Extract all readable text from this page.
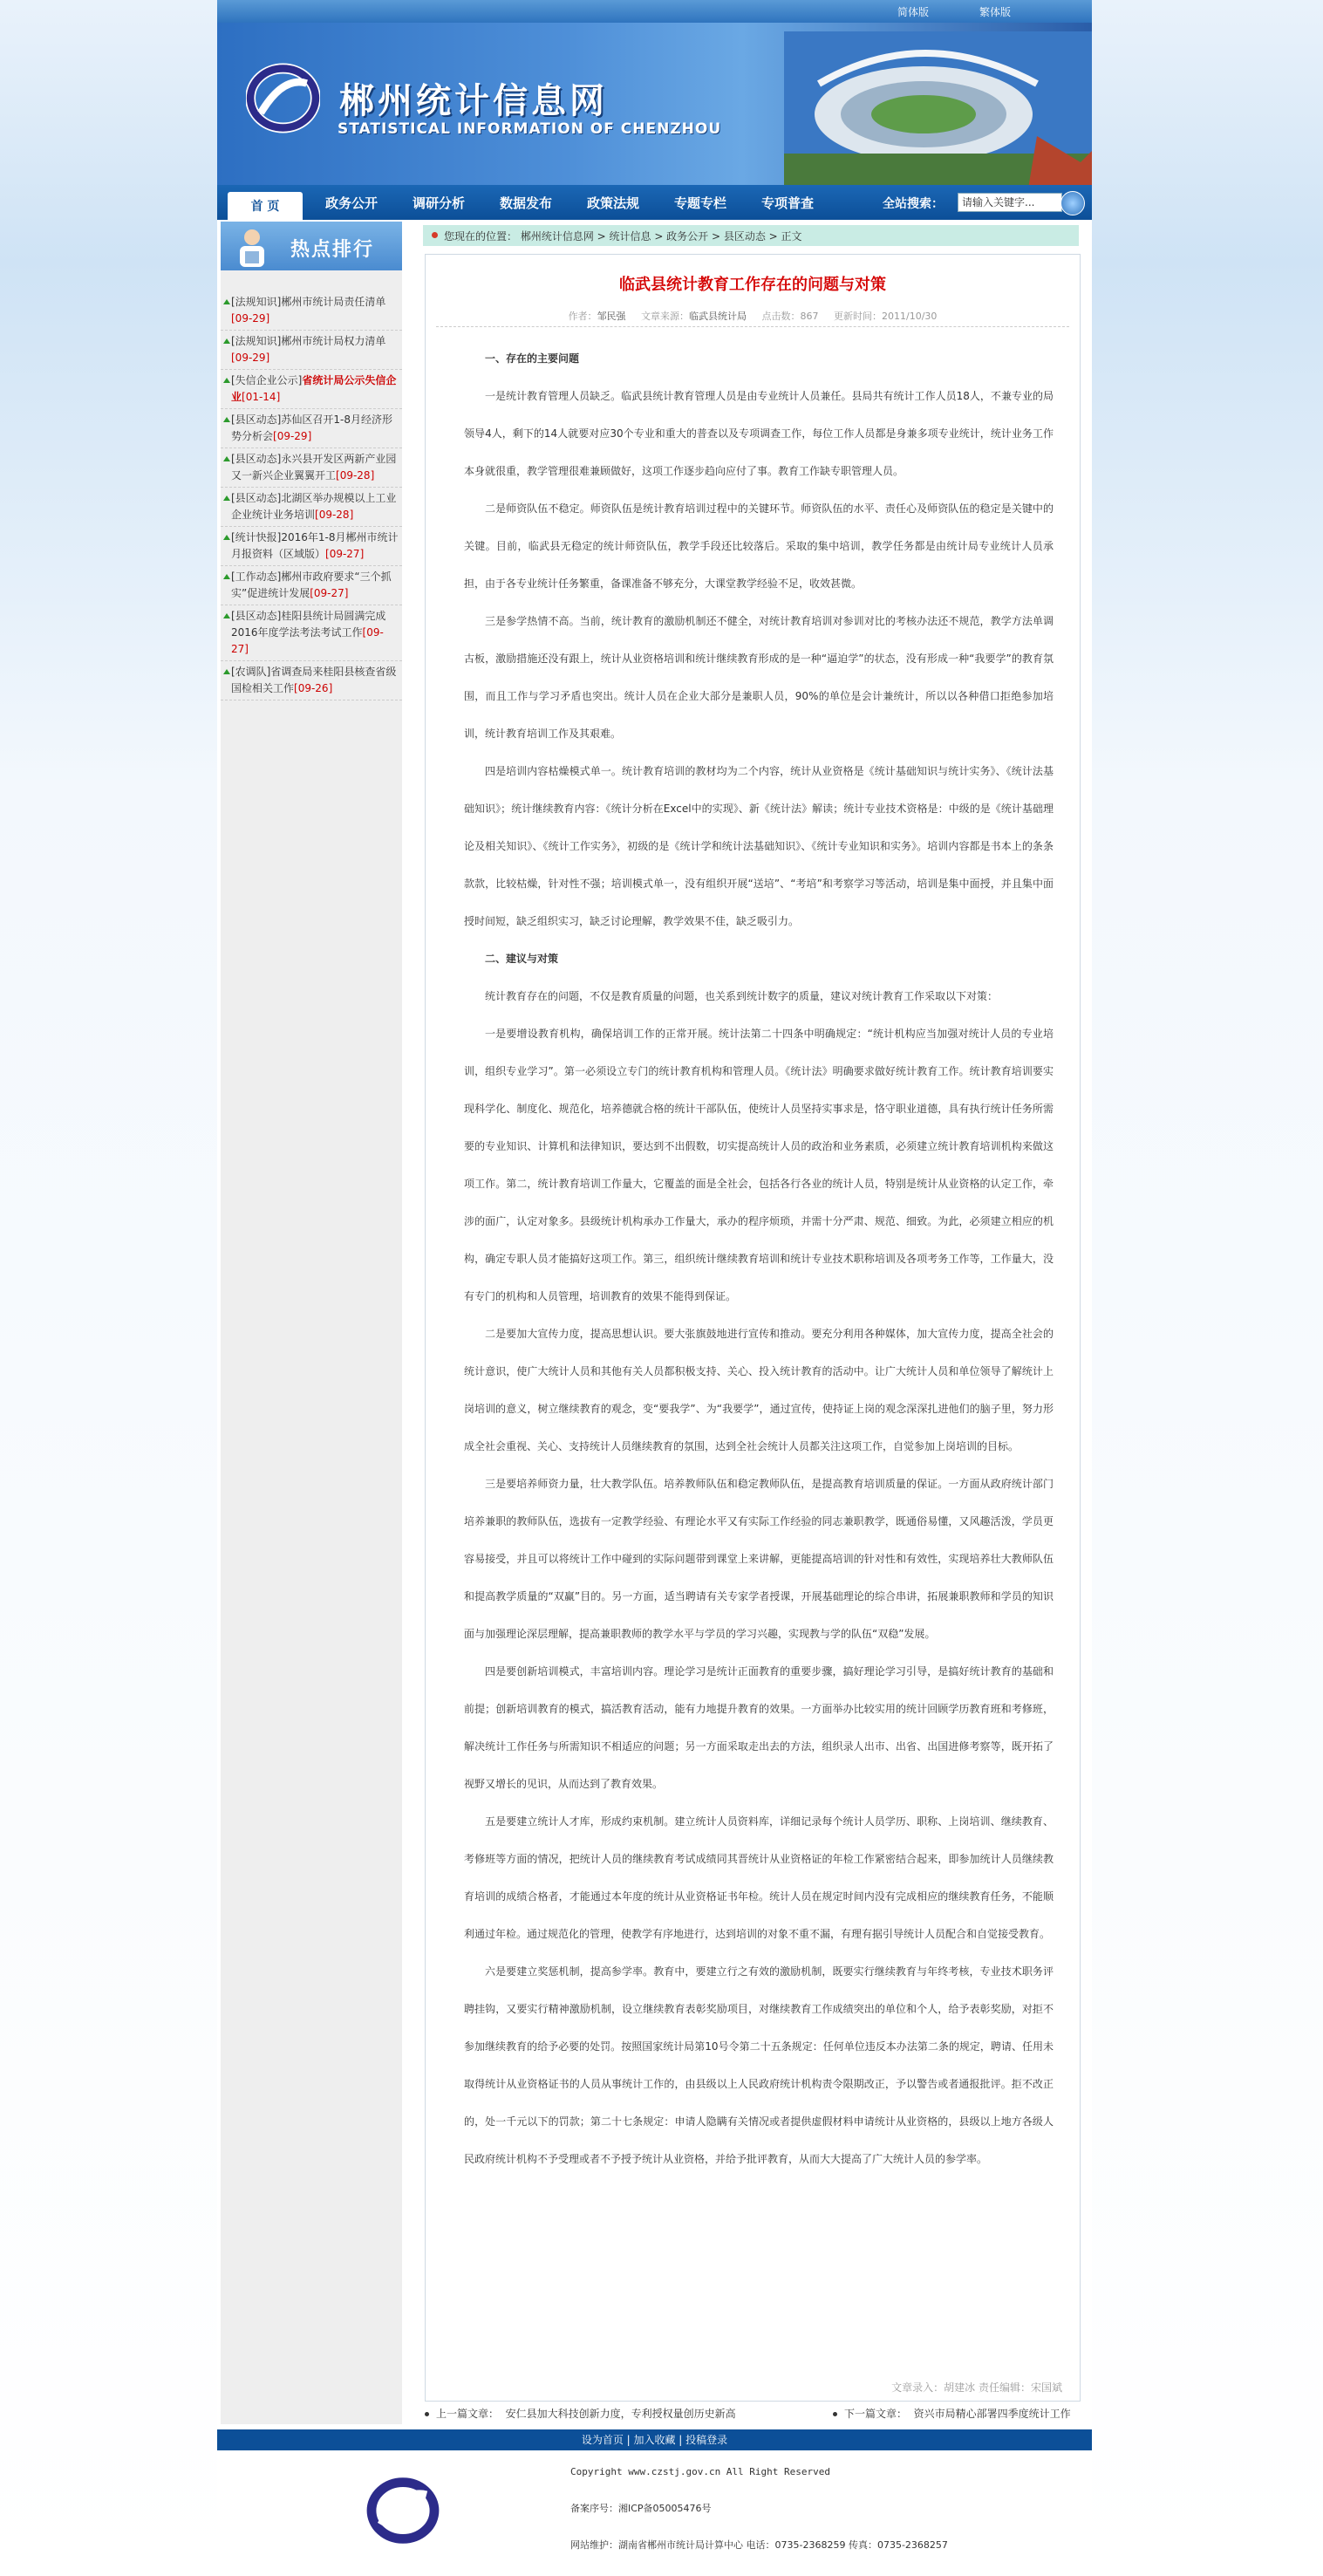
简体版	繁体版
郴州统计信息网
STATISTICAL INFORMATION OF CHENZHOU
首 页	政务公开	调研分析	数据发布	政策法规	专题专栏	专项普查	全站搜索：	请输入关键字...
热点排行
[法规知识]郴州市统计局责任清单[09-29]
[法规知识]郴州市统计局权力清单[09-29]
[失信企业公示]省统计局公示失信企业[01-14]
[县区动态]苏仙区召开1-8月经济形势分析会[09-29]
[县区动态]永兴县开发区两新产业园又一新兴企业翼翼开工[09-28]
[县区动态]北湖区举办规模以上工业企业统计业务培训[09-28]
[统计快报]2016年1-8月郴州市统计月报资料（区域版）[09-27]
[工作动态]郴州市政府要求“三个抓实”促进统计发展[09-27]
[县区动态]桂阳县统计局圆满完成2016年度学法考法考试工作[09-27]
[农调队]省调查局来桂阳县核查省级国检相关工作[09-26]
您现在的位置： 郴州统计信息网 > 统计信息 > 政务公开 > 县区动态 > 正文
临武县统计教育工作存在的问题与对策
作者：邹民强 文章来源：临武县统计局 点击数：867 更新时间：2011/10/30

一、存在的主要问题

一是统计教育管理人员缺乏。临武县统计教育管理人员是由专业统计人员兼任。县局共有统计工作人员18人，不兼专业的局领导4人，剩下的14人就要对应30个专业和重大的普查以及专项调查工作，每位工作人员都是身兼多项专业统计，统计业务工作本身就很重，教学管理很难兼顾做好，这项工作逐步趋向应付了事。教育工作缺专职管理人员。

二是师资队伍不稳定。师资队伍是统计教育培训过程中的关键环节。师资队伍的水平、责任心及师资队伍的稳定是关键中的关键。目前，临武县无稳定的统计师资队伍，教学手段还比较落后。采取的集中培训，教学任务都是由统计局专业统计人员承担，由于各专业统计任务繁重，备课准备不够充分，大课堂教学经验不足，收效甚微。

三是参学热情不高。当前，统计教育的激励机制还不健全，对统计教育培训对参训对比的考核办法还不规范，教学方法单调古板，激励措施还没有跟上，统计从业资格培训和统计继续教育形成的是一种“逼迫学”的状态，没有形成一种“我要学”的教育氛围，而且工作与学习矛盾也突出。统计人员在企业大部分是兼职人员，90%的单位是会计兼统计，所以以各种借口拒绝参加培训，统计教育培训工作及其艰难。

四是培训内容枯燥模式单一。统计教育培训的教材均为二个内容，统计从业资格是《统计基础知识与统计实务》、《统计法基础知识》；统计继续教育内容：《统计分析在Excel中的实现》、新《统计法》解读；统计专业技术资格是：中级的是《统计基础理论及相关知识》、《统计工作实务》，初级的是《统计学和统计法基础知识》、《统计专业知识和实务》。培训内容都是书本上的条条款款，比较枯燥，针对性不强；培训模式单一，没有组织开展“送培”、“考培”和考察学习等活动，培训是集中面授，并且集中面授时间短，缺乏组织实习，缺乏讨论理解，教学效果不佳，缺乏吸引力。

二、建议与对策

统计教育存在的问题，不仅是教育质量的问题，也关系到统计数字的质量，建议对统计教育工作采取以下对策：

一是要增设教育机构，确保培训工作的正常开展。统计法第二十四条中明确规定：“统计机构应当加强对统计人员的专业培训，组织专业学习”。第一必须设立专门的统计教育机构和管理人员。《统计法》明确要求做好统计教育工作。统计教育培训要实现科学化、制度化、规范化，培养德就合格的统计干部队伍，使统计人员坚持实事求是，恪守职业道德，具有执行统计任务所需要的专业知识、计算机和法律知识，要达到不出假数，切实提高统计人员的政治和业务素质，必须建立统计教育培训机构来做这项工作。第二，统计教育培训工作量大，它覆盖的面是全社会，包括各行各业的统计人员，特别是统计从业资格的认定工作，牵涉的面广，认定对象多。县级统计机构承办工作量大，承办的程序烦琐，并需十分严肃、规范、细致。为此，必须建立相应的机构，确定专职人员才能搞好这项工作。第三，组织统计继续教育培训和统计专业技术职称培训及各项考务工作等，工作量大，没有专门的机构和人员管理，培训教育的效果不能得到保证。

二是要加大宣传力度，提高思想认识。要大张旗鼓地进行宣传和推动。要充分利用各种媒体，加大宣传力度，提高全社会的统计意识，使广大统计人员和其他有关人员都积极支持、关心、投入统计教育的活动中。让广大统计人员和单位领导了解统计上岗培训的意义，树立继续教育的观念，变“要我学”、为“我要学”，通过宣传，使持证上岗的观念深深扎进他们的脑子里，努力形成全社会重视、关心、支持统计人员继续教育的氛围，达到全社会统计人员都关注这项工作，自觉参加上岗培训的目标。

三是要培养师资力量，壮大教学队伍。培养教师队伍和稳定教师队伍，是提高教育培训质量的保证。一方面从政府统计部门培养兼职的教师队伍，选拔有一定教学经验、有理论水平又有实际工作经验的同志兼职教学，既通俗易懂，又风趣活泼，学员更容易接受，并且可以将统计工作中碰到的实际问题带到课堂上来讲解，更能提高培训的针对性和有效性，实现培养壮大教师队伍和提高教学质量的“双赢”目的。另一方面，适当聘请有关专家学者授课，开展基础理论的综合串讲，拓展兼职教师和学员的知识面与加强理论深层理解，提高兼职教师的教学水平与学员的学习兴趣，实现教与学的队伍“双稳”发展。

四是要创新培训模式，丰富培训内容。理论学习是统计正面教育的重要步骤，搞好理论学习引导，是搞好统计教育的基础和前提；创新培训教育的模式，搞活教育活动，能有力地提升教育的效果。一方面举办比较实用的统计回顾学历教育班和考修班，解决统计工作任务与所需知识不相适应的问题；另一方面采取走出去的方法，组织录人出市、出省、出国进修考察等，既开拓了视野又增长的见识，从而达到了教育效果。

五是要建立统计人才库，形成约束机制。建立统计人员资料库，详细记录每个统计人员学历、职称、上岗培训、继续教育、考修班等方面的情况，把统计人员的继续教育考试成绩同其晋统计从业资格证的年检工作紧密结合起来，即参加统计人员继续教育培训的成绩合格者，才能通过本年度的统计从业资格证书年检。统计人员在规定时间内没有完成相应的继续教育任务，不能顺利通过年检。通过规范化的管理，使教学有序地进行，达到培训的对象不重不漏，有理有据引导统计人员配合和自觉接受教育。

六是要建立奖惩机制，提高参学率。教育中，要建立行之有效的激励机制，既要实行继续教育与年终考核，专业技术职务评聘挂钩，又要实行精神激励机制，设立继续教育表彰奖励项目，对继续教育工作成绩突出的单位和个人，给予表彰奖励，对拒不参加继续教育的给予必要的处罚。按照国家统计局第10号令第二十五条规定：任何单位违反本办法第二条的规定，聘请、任用未取得统计从业资格证书的人员从事统计工作的，由县级以上人民政府统计机构责令限期改正，予以警告或者通报批评。拒不改正的，处一千元以下的罚款；第二十七条规定：申请人隐瞒有关情况或者提供虚假材料申请统计从业资格的，县级以上地方各级人民政府统计机构不予受理或者不予授予统计从业资格，并给予批评教育，从而大大提高了广大统计人员的参学率。

文章录入：胡建冰 责任编辑：宋国斌
上一篇文章： 安仁县加大科技创新力度，专利授权量创历史新高	下一篇文章： 资兴市局精心部署四季度统计工作
设为首页 | 加入收藏 | 投稿登录
Copyright www.czstj.gov.cn All Right Reserved
备案序号：湘ICP备05005476号
网站维护：湖南省郴州市统计局计算中心 电话：0735-2368259 传真：0735-2368257
